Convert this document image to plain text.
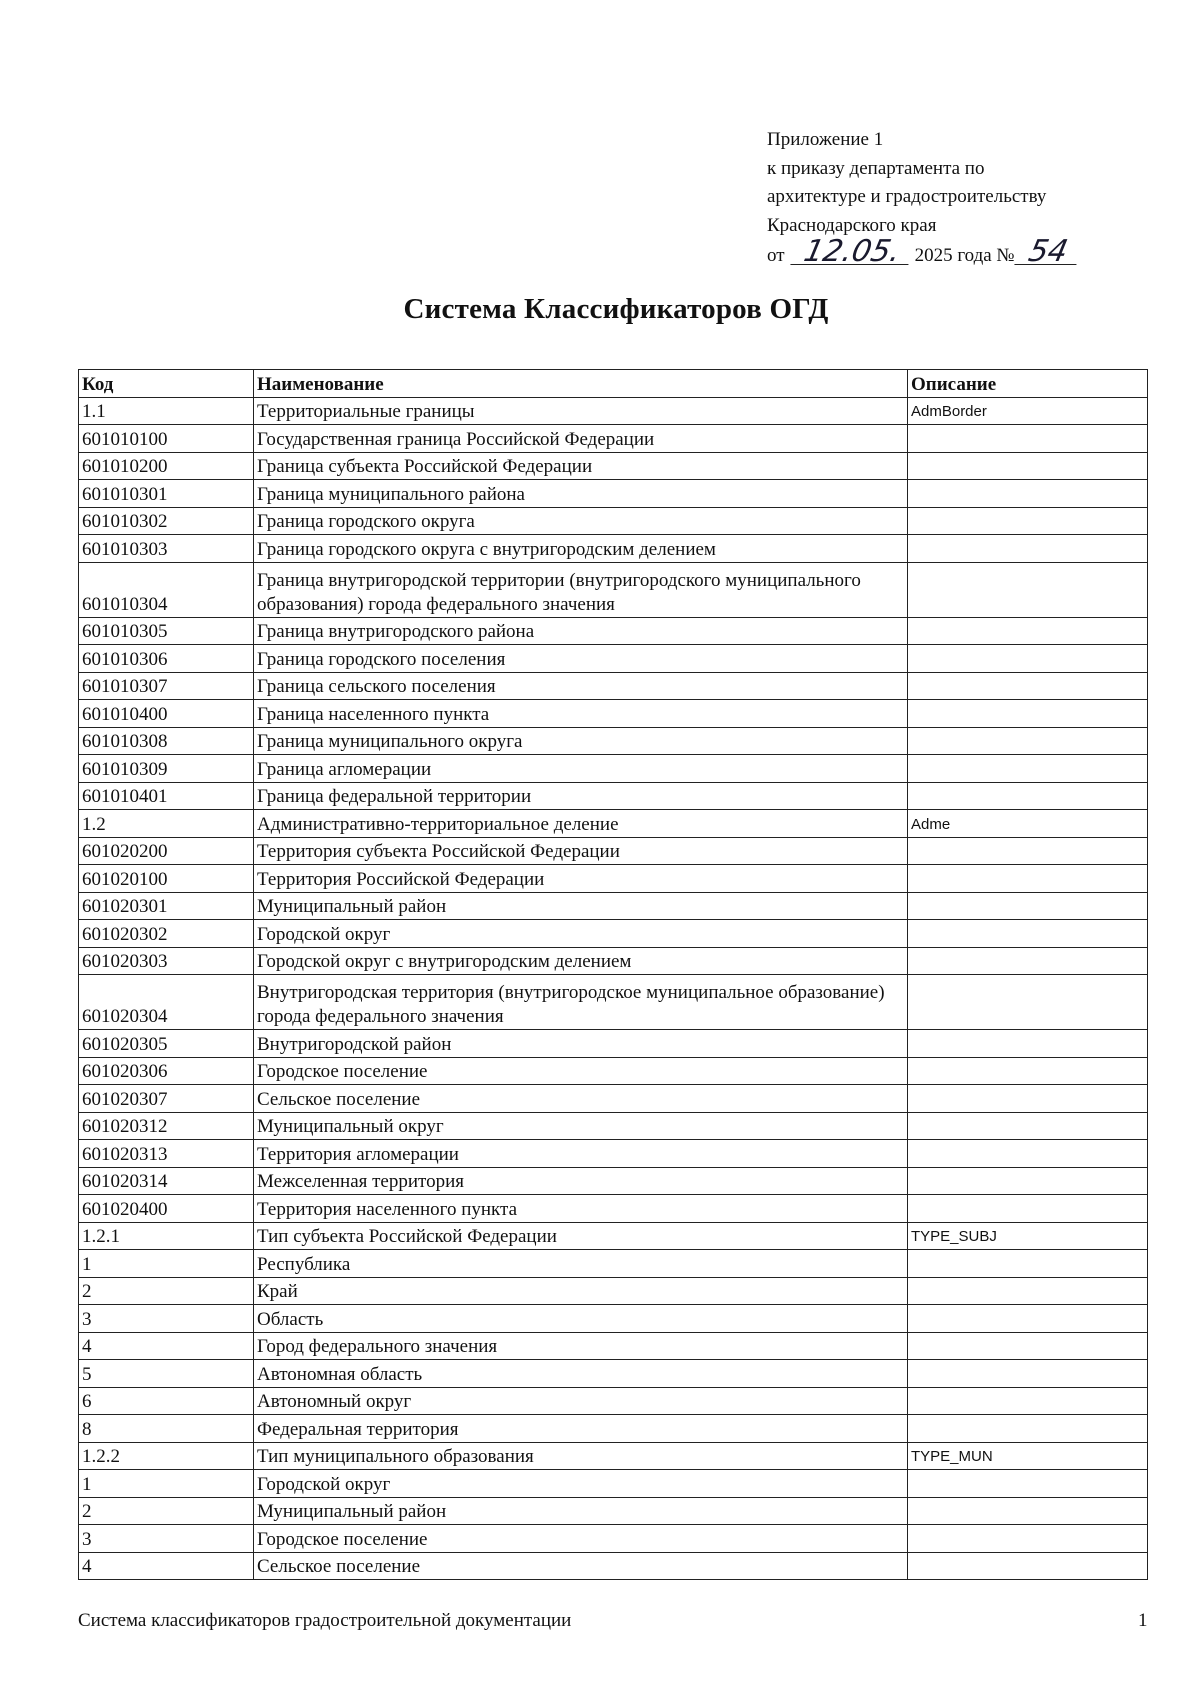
Приложение 1
к приказу департамента по
архитектуре и градостроительству
Краснодарского края
от 12.05. 2025 года № 54
Система Классификаторов ОГД
Код	Наименование	Описание
1.1	Территориальные границы	AdmBorder
601010100	Государственная граница Российской Федерации	
601010200	Граница субъекта Российской Федерации	
601010301	Граница муниципального района	
601010302	Граница городского округа	
601010303	Граница городского округа с внутригородским делением	
601010304	Граница внутригородской территории (внутригородского муниципального образования) города федерального значения	
601010305	Граница внутригородского района	
601010306	Граница городского поселения	
601010307	Граница сельского поселения	
601010400	Граница населенного пункта	
601010308	Граница муниципального округа	
601010309	Граница агломерации	
601010401	Граница федеральной территории	
1.2	Административно-территориальное деление	Adme
601020200	Территория субъекта Российской Федерации	
601020100	Территория Российской Федерации	
601020301	Муниципальный район	
601020302	Городской округ	
601020303	Городской округ с внутригородским делением	
601020304	Внутригородская территория (внутригородское муниципальное образование) города федерального значения	
601020305	Внутригородской район	
601020306	Городское поселение	
601020307	Сельское поселение	
601020312	Муниципальный округ	
601020313	Территория агломерации	
601020314	Межселенная территория	
601020400	Территория населенного пункта	
1.2.1	Тип субъекта Российской Федерации	TYPE_SUBJ
1	Республика	
2	Край	
3	Область	
4	Город федерального значения	
5	Автономная область	
6	Автономный округ	
8	Федеральная территория	
1.2.2	Тип муниципального образования	TYPE_MUN
1	Городской округ	
2	Муниципальный район	
3	Городское поселение	
4	Сельское поселение	
Система классификаторов градостроительной документации	1
